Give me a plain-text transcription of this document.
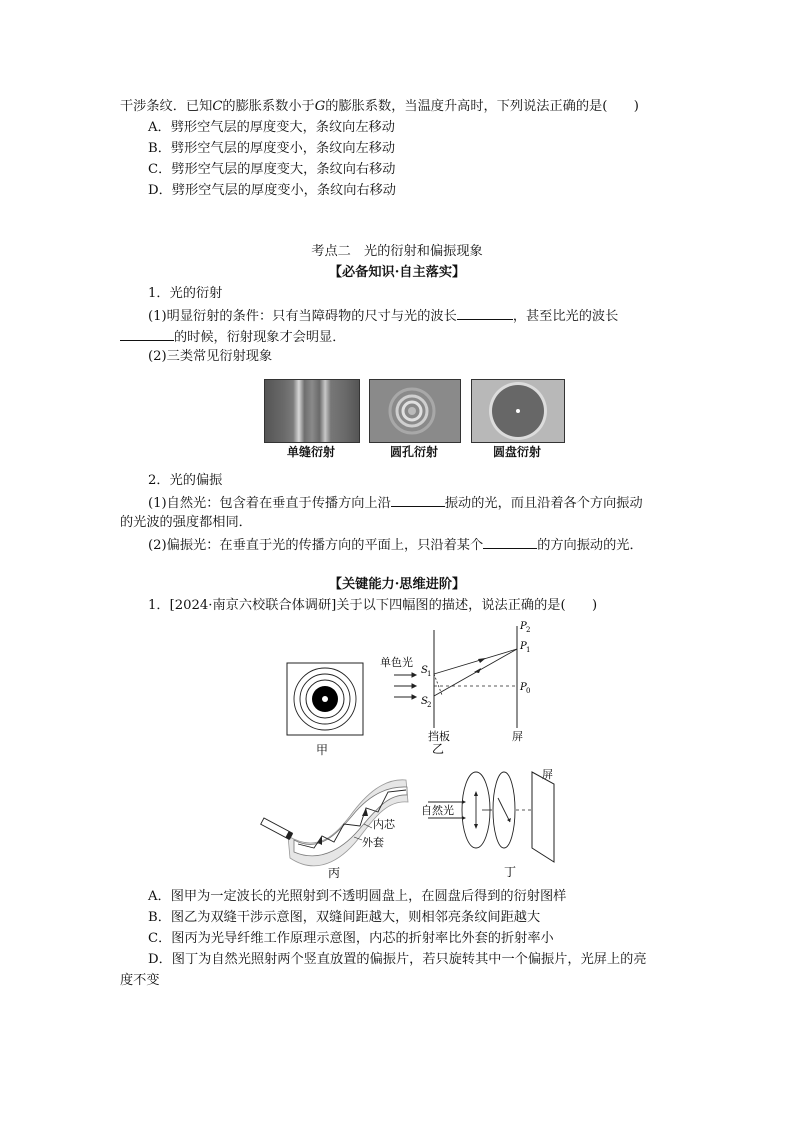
干涉条纹．已知C的膨胀系数小于G的膨胀系数，当温度升高时，下列说法正确的是(　　)
A．劈形空气层的厚度变大，条纹向左移动
B．劈形空气层的厚度变小，条纹向左移动
C．劈形空气层的厚度变大，条纹向右移动
D．劈形空气层的厚度变小，条纹向右移动
考点二　光的衍射和偏振现象
【必备知识·自主落实】
1．光的衍射
(1)明显衍射的条件：只有当障碍物的尺寸与光的波长	，甚至比光的波长
的时候，衍射现象才会明显．
(2)三类常见衍射现象
单缝衍射	圆孔衍射	圆盘衍射
2．光的偏振
(1)自然光：包含着在垂直于传播方向上沿	振动的光，而且沿着各个方向振动
的光波的强度都相同．
(2)偏振光：在垂直于光的传播方向的平面上，只沿着某个	的方向振动的光．
【关键能力·思维进阶】
1．[2024·南京六校联合体调研]关于以下四幅图的描述，说法正确的是(　　)
甲
单色光
S 1
S 2
P 2
P 1
P 0
挡板	屏
乙
内芯
外套
丙
自然光
屏
丁
A．图甲为一定波长的光照射到不透明圆盘上，在圆盘后得到的衍射图样
B．图乙为双缝干涉示意图，双缝间距越大，则相邻亮条纹间距越大
C．图丙为光导纤维工作原理示意图，内芯的折射率比外套的折射率小
D．图丁为自然光照射两个竖直放置的偏振片，若只旋转其中一个偏振片，光屏上的亮
度不变
